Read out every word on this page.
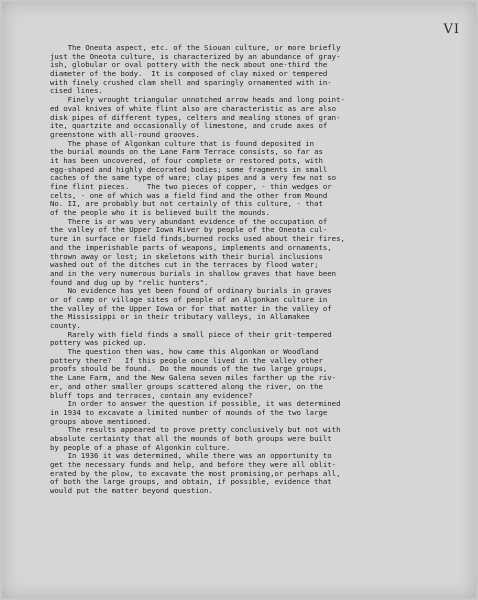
VI
The Oneota aspect, etc. of the Siouan culture, or more briefly
just the Oneota culture, is characterized by an abundance of gray-
ish, globular or oval pottery with the neck about one-third the
diameter of the body.  It is composed of clay mixed or tempered
with finely crushed clam shell and sparingly ornamented with in-
cised lines.
Finely wrought triangular unnotched arrow heads and long point-
ed oval knives of white flint also are characteristic as are also
disk pipes of different types, celters and mealing stones of gran-
ite, quartzite and occasionally of limestone, and crude axes of
greenstone with all-round grooves.
The phase of Algonkan culture that is found deposited in
the burial mounds on the Lane Farm Terrace consists, so far as
it has been uncovered, of four complete or restored pots, with
egg-shaped and highly decorated bodies; some fragments in small
caches of the same type of ware; clay pipes and a very few not so
fine flint pieces.    The two pieces of copper, - thin wedges or
celts, - one of which was a field find and the other from Mound
No. II, are probably but not certainly of this culture, - that
of the people who it is believed built the mounds.
There is or was very abundant evidence of the occupation of
the valley of the Upper Iowa River by people of the Oneota cul-
ture in surface or field finds,burned rocks used about their fires,
and the imperishable parts of weapons, implements and ornaments,
thrown away or lost; in skeletons with their burial inclusions
washed out of the ditches cut in the terraces by flood water;
and in the very numerous burials in shallow graves that have been
found and dug up by "relic hunters".
No evidence has yet been found of ordinary burials in graves
or of camp or village sites of people of an Algonkan culture in
the valley of the Upper Iowa or for that matter in the valley of
the Mississippi or in their tributary valleys, in Allamakee
county.
Rarely with field finds a small piece of their grit-tempered
pottery was picked up.
The question then was, how came this Algonkan or Woodland
pottery there?   If this people once lived in the valley other
proofs should be found.  Do the mounds of the two large groups,
the Lane Farm, and the New Galena seven miles farther up the riv-
er, and other smaller groups scattered along the river, on the
bluff tops and terraces, contain any evidence?
In order to answer the question if possible, it was determined
in 1934 to excavate a limited number of mounds of the two large
groups above mentioned.
The results appeared to prove pretty conclusively but not with
absolute certainty that all the mounds of both groups were built
by people of a phase of Algonkin culture.
In 1936 it was determined, while there was an opportunity to
get the necessary funds and help, and before they were all oblit-
erated by the plow, to excavate the most promising,or perhaps all,
of both the large groups, and obtain, if possible, evidence that
would put the matter beyond question.
